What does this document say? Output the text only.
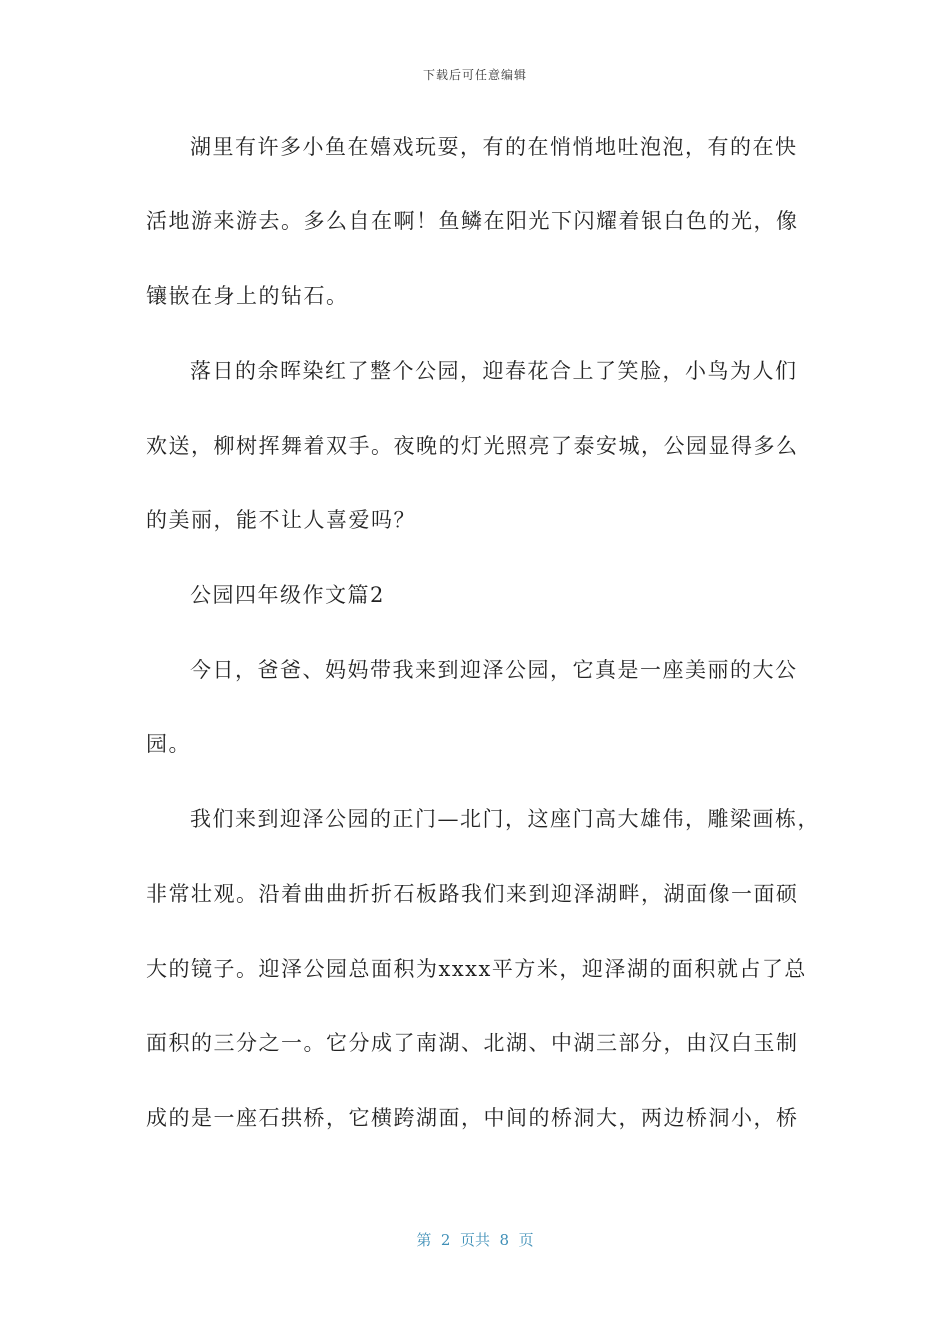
下载后可任意编辑
湖里有许多小鱼在嬉戏玩耍，有的在悄悄地吐泡泡，有的在快
活地游来游去。多么自在啊！鱼鳞在阳光下闪耀着银白色的光，像
镶嵌在身上的钻石。
落日的余晖染红了整个公园，迎春花合上了笑脸，小鸟为人们
欢送，柳树挥舞着双手。夜晚的灯光照亮了泰安城，公园显得多么
的美丽，能不让人喜爱吗？
公园四年级作文篇2
今日，爸爸、妈妈带我来到迎泽公园，它真是一座美丽的大公
园。
我们来到迎泽公园的正门—北门，这座门高大雄伟，雕梁画栋，
非常壮观。沿着曲曲折折石板路我们来到迎泽湖畔，湖面像一面硕
大的镜子。迎泽公园总面积为xxxx平方米，迎泽湖的面积就占了总
面积的三分之一。它分成了南湖、北湖、中湖三部分，由汉白玉制
成的是一座石拱桥，它横跨湖面，中间的桥洞大，两边桥洞小，桥
第  2  页共  8  页
